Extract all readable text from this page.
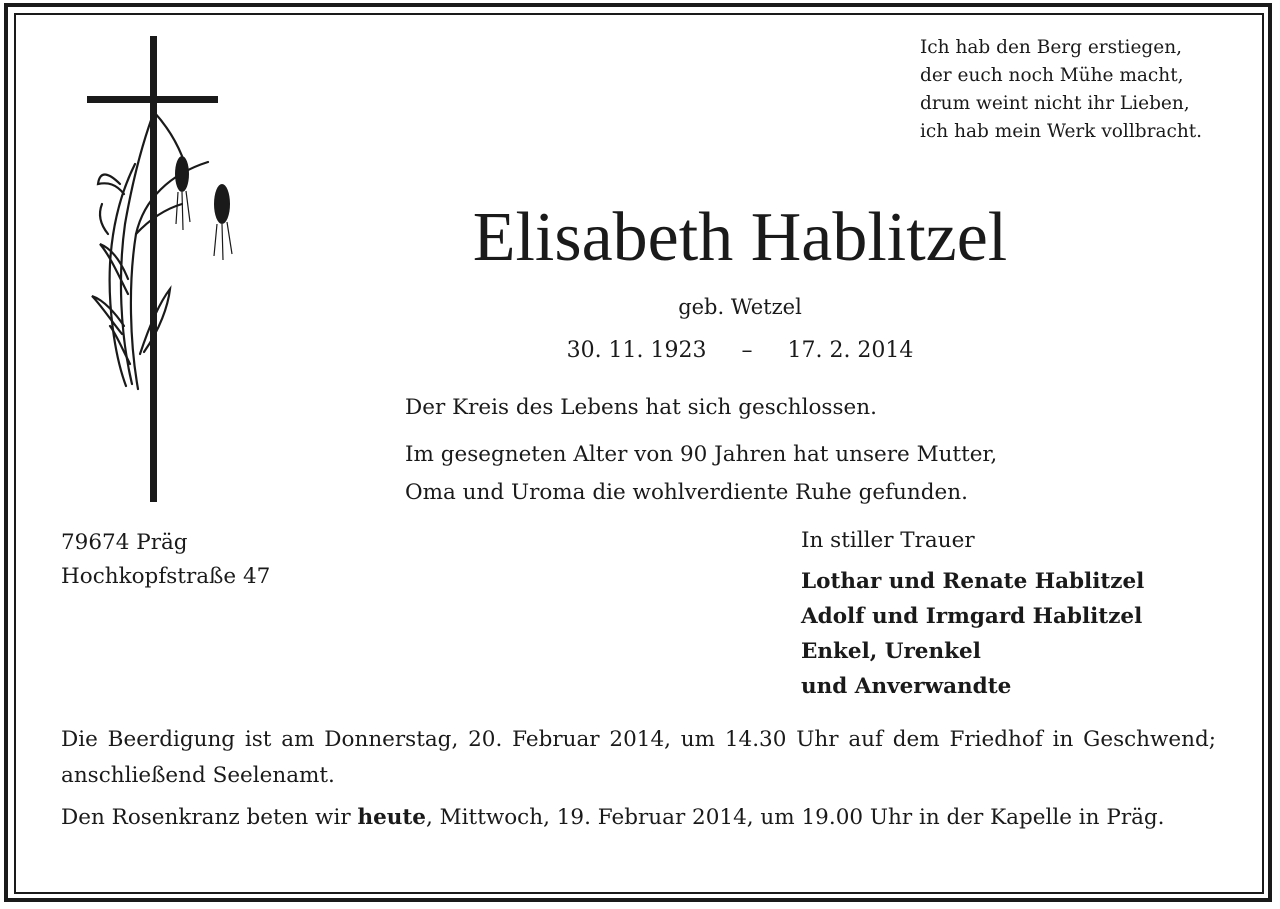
Ich hab den Berg erstiegen,
der euch noch Mühe macht,
drum weint nicht ihr Lieben,
ich hab mein Werk vollbracht.
Elisabeth Hablitzel
geb. Wetzel
30. 11. 1923 – 17. 2. 2014
Der Kreis des Lebens hat sich geschlossen.
Im gesegneten Alter von 90 Jahren hat unsere Mutter,
Oma und Uroma die wohlverdiente Ruhe gefunden.
79674 Präg
Hochkopfstraße 47
In stiller Trauer
Lothar und Renate Hablitzel
Adolf und Irmgard Hablitzel
Enkel, Urenkel
und Anverwandte
Die Beerdigung ist am Donnerstag, 20. Februar 2014, um 14.30 Uhr auf dem Friedhof in Geschwend; anschließend Seelenamt.
Den Rosenkranz beten wir heute, Mittwoch, 19. Februar 2014, um 19.00 Uhr in der Kapelle in Präg.
